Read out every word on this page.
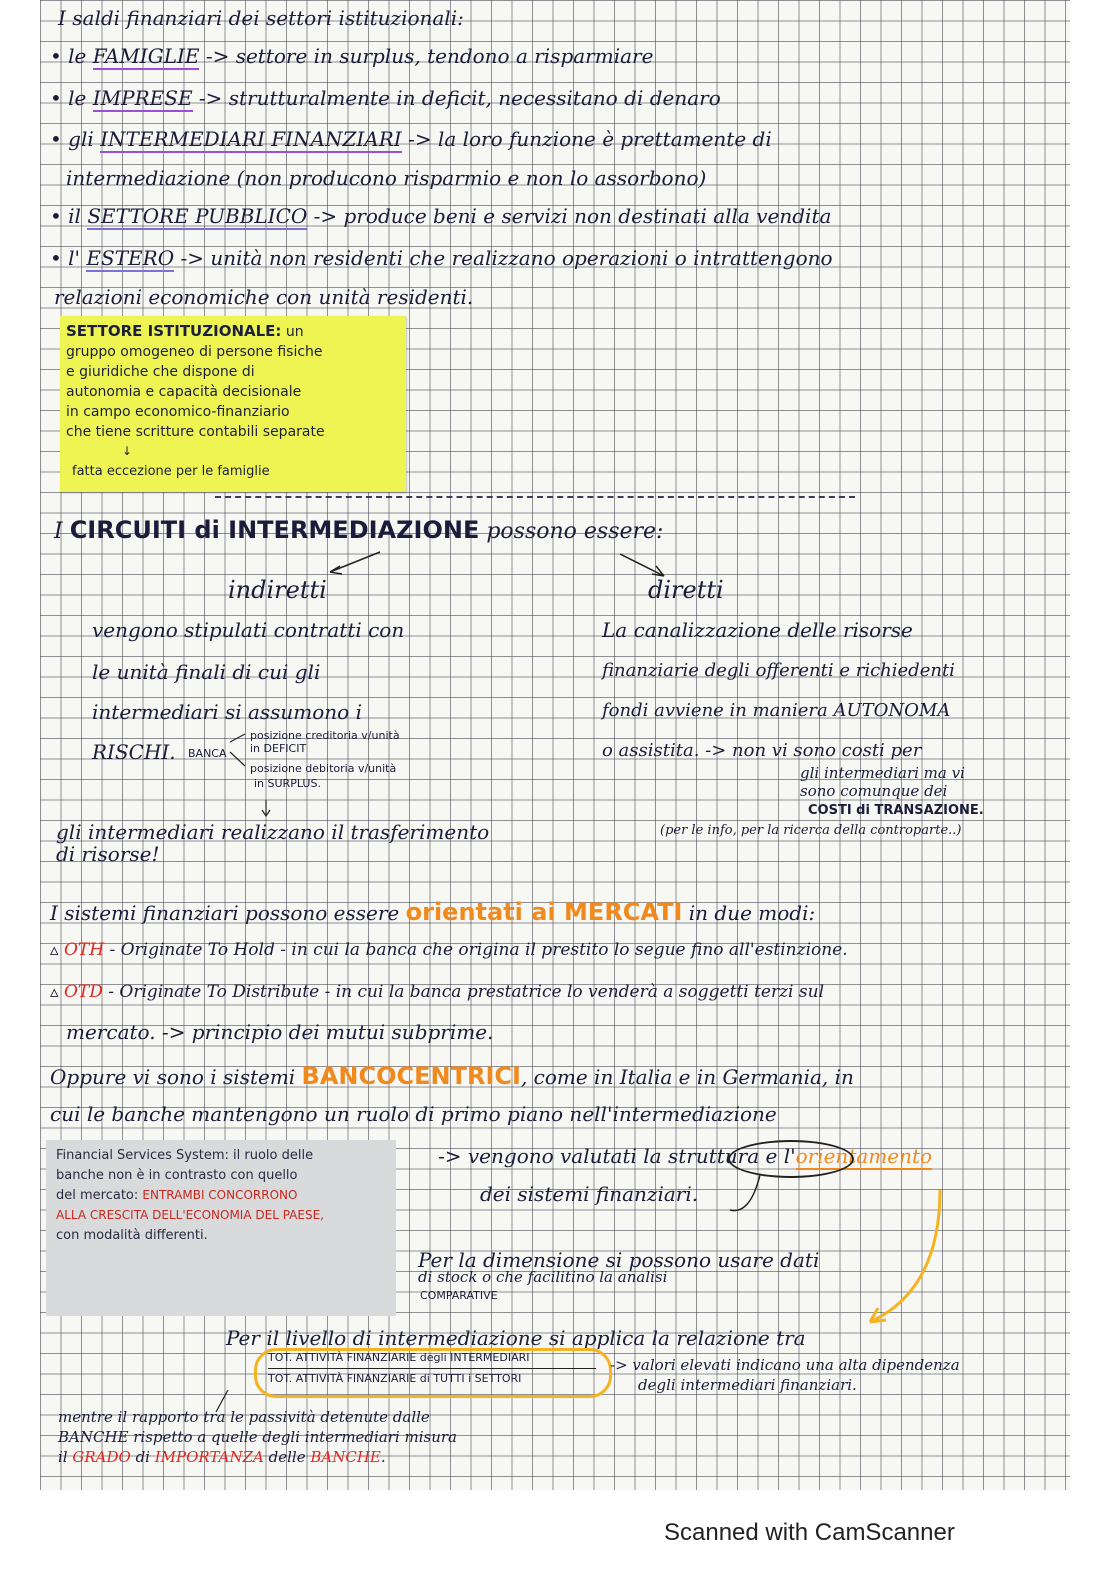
I saldi finanziari dei settori istituzionali:
• le FAMIGLIE -> settore in surplus, tendono a risparmiare
• le IMPRESE -> strutturalmente in deficit, necessitano di denaro
• gli INTERMEDIARI FINANZIARI -> la loro funzione è prettamente di
intermediazione (non producono risparmio e non lo assorbono)
• il SETTORE PUBBLICO -> produce beni e servizi non destinati alla vendita
• l' ESTERO -> unità non residenti che realizzano operazioni o intrattengono
relazioni economiche con unità residenti.
I CIRCUITI di INTERMEDIAZIONE possono essere:
indiretti	diretti
vengono stipulati contratti con
le unità finali di cui gli
intermediari si assumono i
RISCHI. BANCA
posizione creditoria v/unità
in DEFICIT
posizione debitoria v/unità
in SURPLUS.
gli intermediari realizzano il trasferimento
di risorse!
La canalizzazione delle risorse
finanziarie degli offerenti e richiedenti
fondi avviene in maniera AUTONOMA
o assistita. -> non vi sono costi per
gli intermediari ma vi
sono comunque dei
COSTI di TRANSAZIONE.
(per le info, per la ricerca della controparte..)
I sistemi finanziari possono essere orientati ai MERCATI in due modi:
▵ OTH - Originate To Hold - in cui la banca che origina il prestito lo segue fino all'estinzione.
▵ OTD - Originate To Distribute - in cui la banca prestatrice lo venderà a soggetti terzi sul
mercato. -> principio dei mutui subprime.
Oppure vi sono i sistemi BANCOCENTRICI, come in Italia e in Germania, in
cui le banche mantengono un ruolo di primo piano nell'intermediazione
-> vengono valutati la struttura e l'orientamento
dei sistemi finanziari.
Per la dimensione si possono usare dati
di stock o che facilitino la analisi
COMPARATIVE
Per il livello di intermediazione si applica la relazione tra
TOT. ATTIVITÀ FINANZIARIE degli INTERMEDIARI
TOT. ATTIVITÀ FINANZIARIE di TUTTI i SETTORI
-> valori elevati indicano una alta dipendenza
degli intermediari finanziari.
mentre il rapporto tra le passività detenute dalle
BANCHE rispetto a quelle degli intermediari misura
il GRADO di IMPORTANZA delle BANCHE.
SETTORE ISTITUZIONALE: un
gruppo omogeneo di persone fisiche
e giuridiche che dispone di
autonomia e capacità decisionale
in campo economico-finanziario
che tiene scritture contabili separate
↓
fatta eccezione per le famiglie
Financial Services System: il ruolo delle
banche non è in contrasto con quello
del mercato: ENTRAMBI CONCORRONO
ALLA CRESCITA DELL'ECONOMIA DEL PAESE,
con modalità differenti.
Scanned with CamScanner
